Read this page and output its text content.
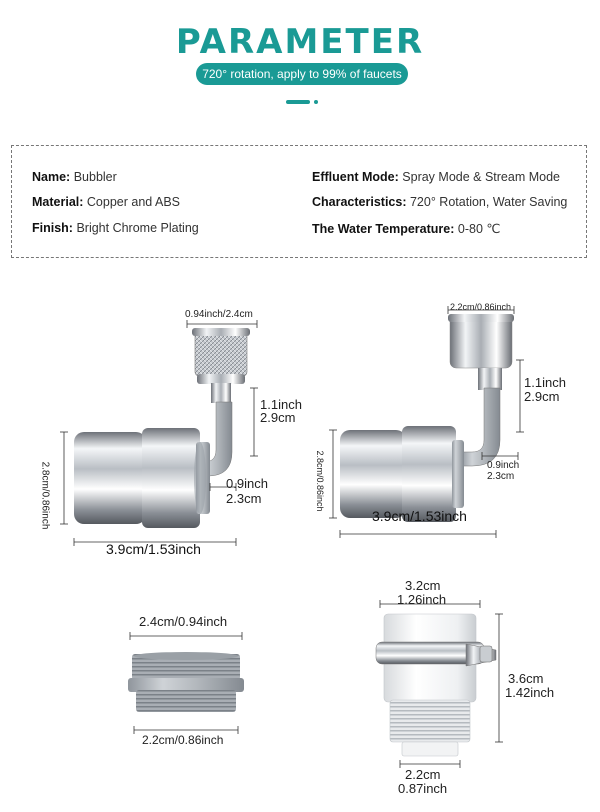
PARAMETER
720° rotation, apply to 99% of faucets
Name: Bubbler
Material: Copper and ABS
Finish: Bright Chrome Plating
Effluent Mode: Spray Mode & Stream Mode
Characteristics: 720° Rotation, Water Saving
The Water Temperature: 0-80 ℃
0.94inch/2.4cm
1.1inch
2.9cm
0.9inch
2.3cm
2.8cm/0.86inch
3.9cm/1.53inch
2.2cm/0.86inch
1.1inch
2.9cm
0.9inch
2.3cm
2.8cm/0.86inch
3.9cm/1.53inch
2.4cm/0.94inch
2.2cm/0.86inch
3.2cm
1.26inch
3.6cm
1.42inch
2.2cm
0.87inch
